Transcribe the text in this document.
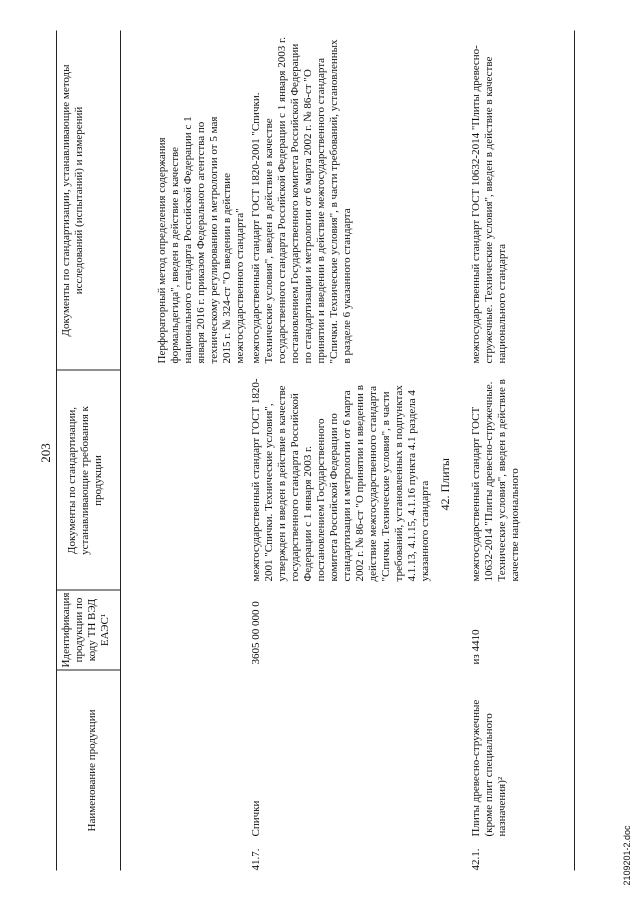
203
Наименование продукции
Идентификация продукции по коду ТН ВЭД ЕАЭС¹
Документы по стандартизации, устанавливающие требования к продукции
Документы по стандартизации, устанавливающие методы исследований (испытаний) и измерений	Перфораторный метод определения содержания формальдегида", введен в действие в качестве национального стандарта Российской Федерации с 1 января 2016 г. приказом Федерального агентства по техническому регулированию и метрологии от 5 мая 2015 г. № 324-ст "О введении в действие межгосударственного стандарта"
41.7.
Спички
3605 00 000 0
межгосударственный стандарт ГОСТ 1820-2001 "Спички. Технические условия", утвержден и введен в действие в качестве государственного стандарта Российской Федерации с 1 января 2003 г. постановлением Государственного комитета Российской Федерации по стандартизации и метрологии от 6 марта 2002 г. № 86-ст "О принятии и введении в действие межгосударственного стандарта "Спички. Технические условия", в части требований, установленных в подпунктах 4.1.13, 4.1.15, 4.1.16 пункта 4.1 раздела 4 указанного стандарта
межгосударственный стандарт ГОСТ 1820-2001 "Спички. Технические условия", введен в действие в качестве государственного стандарта Российской Федерации с 1 января 2003 г. постановлением Государственного комитета Российской Федерации по стандартизации и метрологии от 6 марта 2002 г. № 86-ст "О принятии и введении в действие межгосударственного стандарта "Спички. Технические условия", в части требований, установленных в разделе 6 указанного стандарта
42. Плиты
42.1.
Плиты древесно-стружечные (кроме плит специального назначения)²
из 4410
межгосударственный стандарт ГОСТ 10632-2014 "Плиты древесно-стружечные. Технические условия", введен в действие в качестве национального
межгосударственный стандарт ГОСТ 10632-2014 "Плиты древесно-стружечные. Технические условия", введен в действие в качестве национального стандарта
2109201-2.doc
